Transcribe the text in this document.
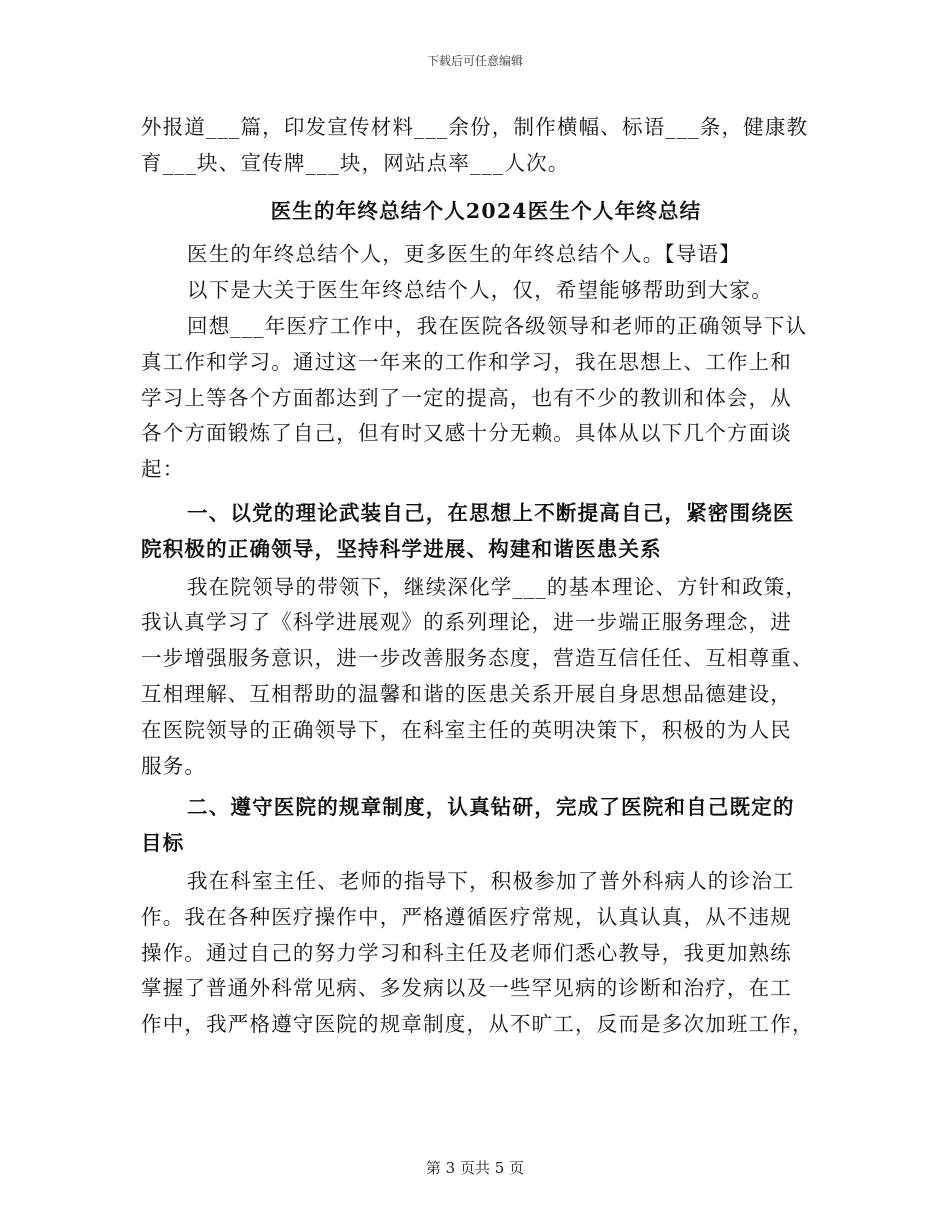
下载后可任意编辑
外报道___篇，印发宣传材料___余份，制作横幅、标语___条，健康教
育___块、宣传牌___块，网站点率___人次。
医生的年终总结个人2024医生个人年终总结
医生的年终总结个人，更多医生的年终总结个人。【导语】
以下是大关于医生年终总结个人，仅，希望能够帮助到大家。
回想___年医疗工作中，我在医院各级领导和老师的正确领导下认
真工作和学习。通过这一年来的工作和学习，我在思想上、工作上和
学习上等各个方面都达到了一定的提高，也有不少的教训和体会，从
各个方面锻炼了自己，但有时又感十分无赖。具体从以下几个方面谈
起：
一、以党的理论武装自己，在思想上不断提高自己，紧密围绕医
院积极的正确领导，坚持科学进展、构建和谐医患关系
我在院领导的带领下，继续深化学___的基本理论、方针和政策，
我认真学习了《科学进展观》的系列理论，进一步端正服务理念，进
一步增强服务意识，进一步改善服务态度，营造互信任任、互相尊重、
互相理解、互相帮助的温馨和谐的医患关系开展自身思想品德建设，
在医院领导的正确领导下，在科室主任的英明决策下，积极的为人民
服务。
二、遵守医院的规章制度，认真钻研，完成了医院和自己既定的
目标
我在科室主任、老师的指导下，积极参加了普外科病人的诊治工
作。我在各种医疗操作中，严格遵循医疗常规，认真认真，从不违规
操作。通过自己的努力学习和科主任及老师们悉心教导，我更加熟练
掌握了普通外科常见病、多发病以及一些罕见病的诊断和治疗，在工
作中，我严格遵守医院的规章制度，从不旷工，反而是多次加班工作，
第 3 页共 5 页
